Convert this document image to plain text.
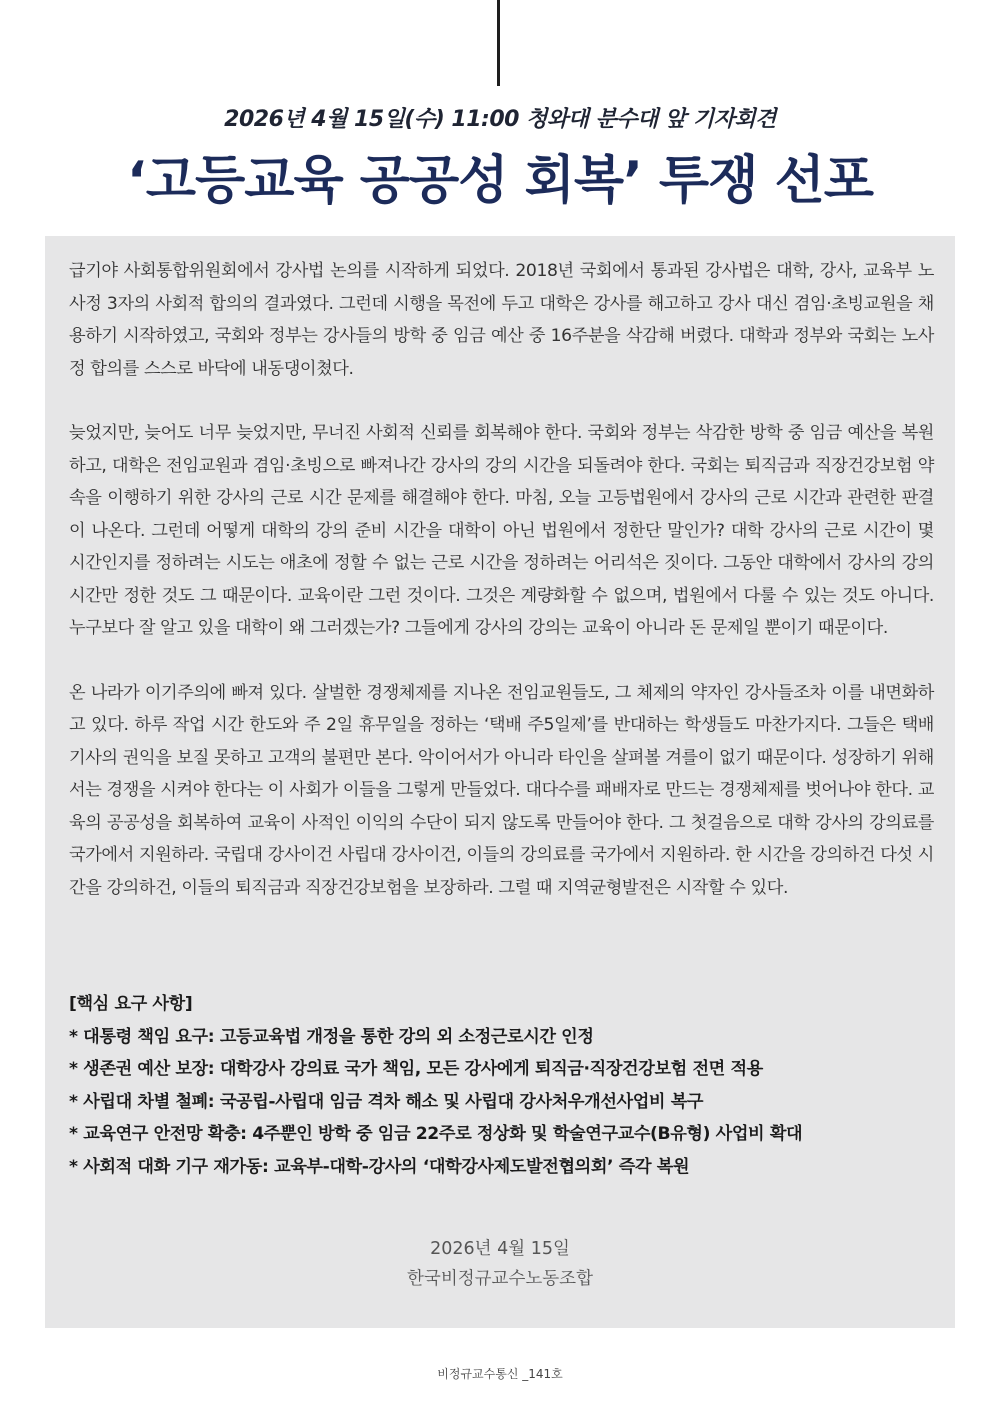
2026년 4월 15일(수) 11:00 청와대 분수대 앞 기자회견
‘고등교육 공공성 회복’ 투쟁 선포

급기야 사회통합위원회에서 강사법 논의를 시작하게 되었다. 2018년 국회에서 통과된 강사법은 대학, 강사, 교육부 노사정 3자의 사회적 합의의 결과였다. 그런데 시행을 목전에 두고 대학은 강사를 해고하고 강사 대신 겸임·초빙교원을 채용하기 시작하였고, 국회와 정부는 강사들의 방학 중 임금 예산 중 16주분을 삭감해 버렸다. 대학과 정부와 국회는 노사정 합의를 스스로 바닥에 내동댕이쳤다.

늦었지만, 늦어도 너무 늦었지만, 무너진 사회적 신뢰를 회복해야 한다. 국회와 정부는 삭감한 방학 중 임금 예산을 복원하고, 대학은 전임교원과 겸임·초빙으로 빠져나간 강사의 강의 시간을 되돌려야 한다. 국회는 퇴직금과 직장건강보험 약속을 이행하기 위한 강사의 근로 시간 문제를 해결해야 한다. 마침, 오늘 고등법원에서 강사의 근로 시간과 관련한 판결이 나온다. 그런데 어떻게 대학의 강의 준비 시간을 대학이 아닌 법원에서 정한단 말인가? 대학 강사의 근로 시간이 몇 시간인지를 정하려는 시도는 애초에 정할 수 없는 근로 시간을 정하려는 어리석은 짓이다. 그동안 대학에서 강사의 강의 시간만 정한 것도 그 때문이다. 교육이란 그런 것이다. 그것은 계량화할 수 없으며, 법원에서 다룰 수 있는 것도 아니다. 누구보다 잘 알고 있을 대학이 왜 그러겠는가? 그들에게 강사의 강의는 교육이 아니라 돈 문제일 뿐이기 때문이다.

온 나라가 이기주의에 빠져 있다. 살벌한 경쟁체제를 지나온 전임교원들도, 그 체제의 약자인 강사들조차 이를 내면화하고 있다. 하루 작업 시간 한도와 주 2일 휴무일을 정하는 ‘택배 주5일제’를 반대하는 학생들도 마찬가지다. 그들은 택배기사의 권익을 보질 못하고 고객의 불편만 본다. 악이어서가 아니라 타인을 살펴볼 겨를이 없기 때문이다. 성장하기 위해서는 경쟁을 시켜야 한다는 이 사회가 이들을 그렇게 만들었다. 대다수를 패배자로 만드는 경쟁체제를 벗어나야 한다. 교육의 공공성을 회복하여 교육이 사적인 이익의 수단이 되지 않도록 만들어야 한다. 그 첫걸음으로 대학 강사의 강의료를 국가에서 지원하라. 국립대 강사이건 사립대 강사이건, 이들의 강의료를 국가에서 지원하라. 한 시간을 강의하건 다섯 시간을 강의하건, 이들의 퇴직금과 직장건강보험을 보장하라. 그럴 때 지역균형발전은 시작할 수 있다.

[핵심 요구 사항]
* 대통령 책임 요구: 고등교육법 개정을 통한 강의 외 소정근로시간 인정
* 생존권 예산 보장: 대학강사 강의료 국가 책임, 모든 강사에게 퇴직금·직장건강보험 전면 적용
* 사립대 차별 철폐: 국공립-사립대 임금 격차 해소 및 사립대 강사처우개선사업비 복구
* 교육연구 안전망 확충: 4주뿐인 방학 중 임금 22주로 정상화 및 학술연구교수(B유형) 사업비 확대
* 사회적 대화 기구 재가동: 교육부-대학-강사의 ‘대학강사제도발전협의회’ 즉각 복원
2026년 4월 15일
한국비정규교수노동조합
비정규교수통신 _141호
